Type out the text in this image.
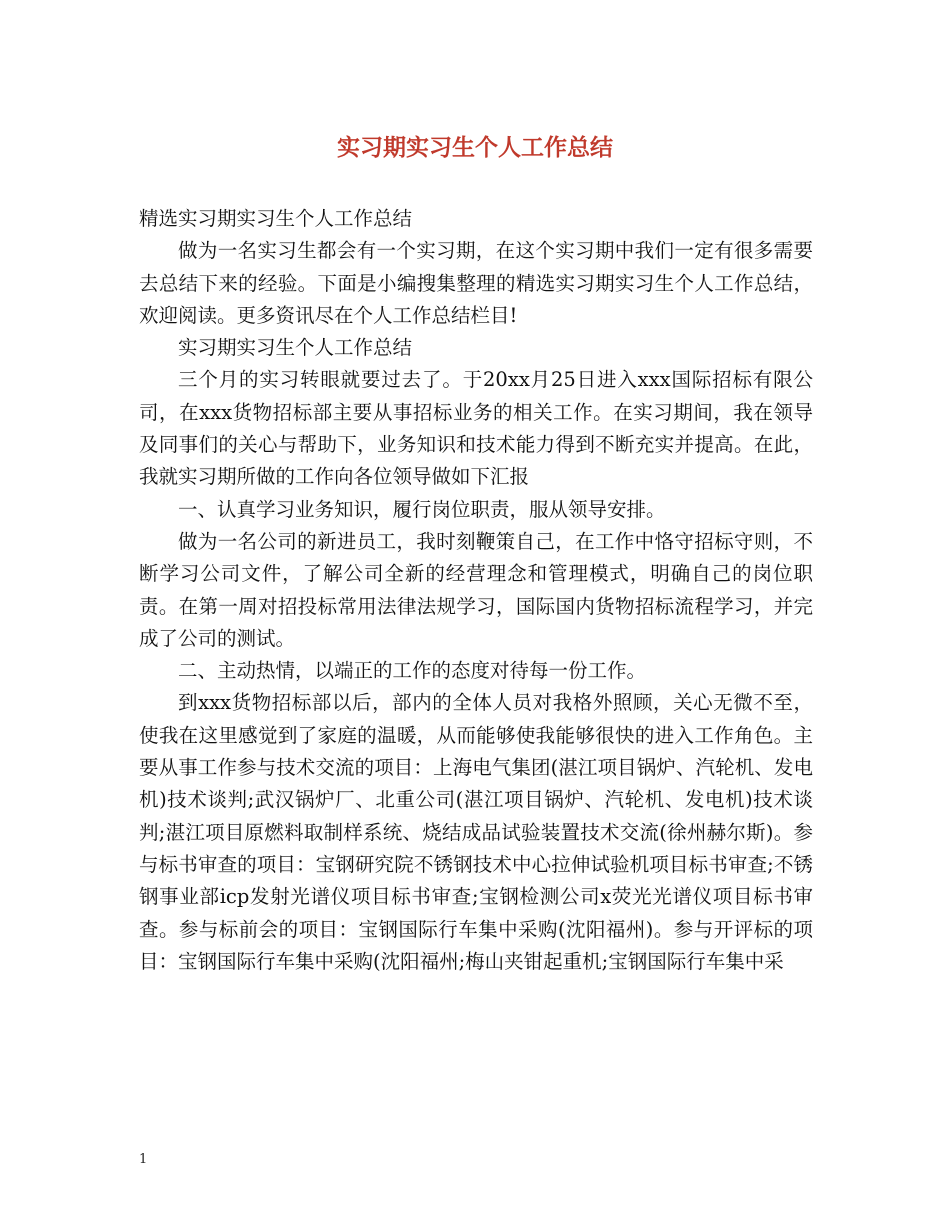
实习期实习生个人工作总结

精选实习期实习生个人工作总结

做为一名实习生都会有一个实习期，在这个实习期中我们一定有很多需要去总结下来的经验。下面是小编搜集整理的精选实习期实习生个人工作总结，欢迎阅读。更多资讯尽在个人工作总结栏目!

实习期实习生个人工作总结

三个月的实习转眼就要过去了。于20xx月25日进入xxx国际招标有限公司，在xxx货物招标部主要从事招标业务的相关工作。在实习期间，我在领导及同事们的关心与帮助下，业务知识和技术能力得到不断充实并提高。在此，我就实习期所做的工作向各位领导做如下汇报

一、认真学习业务知识，履行岗位职责，服从领导安排。

做为一名公司的新进员工，我时刻鞭策自己，在工作中恪守招标守则，不断学习公司文件，了解公司全新的经营理念和管理模式，明确自己的岗位职责。在第一周对招投标常用法律法规学习，国际国内货物招标流程学习，并完成了公司的测试。

二、主动热情，以端正的工作的态度对待每一份工作。

到xxx货物招标部以后，部内的全体人员对我格外照顾，关心无微不至，使我在这里感觉到了家庭的温暖，从而能够使我能够很快的进入工作角色。主要从事工作参与技术交流的项目：上海电气集团(湛江项目锅炉、汽轮机、发电机)技术谈判;武汉锅炉厂、北重公司(湛江项目锅炉、汽轮机、发电机)技术谈判;湛江项目原燃料取制样系统、烧结成品试验装置技术交流(徐州赫尔斯)。参与标书审查的项目：宝钢研究院不锈钢技术中心拉伸试验机项目标书审查;不锈钢事业部icp发射光谱仪项目标书审查;宝钢检测公司x荧光光谱仪项目标书审查。参与标前会的项目：宝钢国际行车集中采购(沈阳福州)。参与开评标的项目：宝钢国际行车集中采购(沈阳福州;梅山夹钳起重机;宝钢国际行车集中采

1
